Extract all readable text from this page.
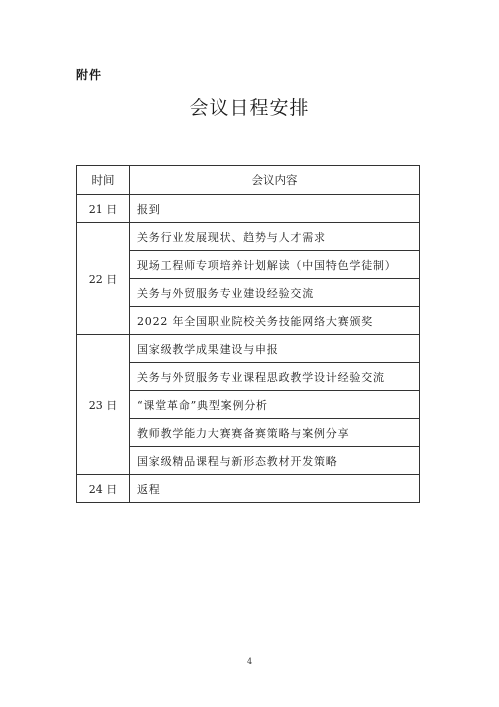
附件
会议日程安排
时间	会议内容
21 日	报到
22 日	关务行业发展现状、趋势与人才需求
	现场工程师专项培养计划解读（中国特色学徒制）
	关务与外贸服务专业建设经验交流
	2022 年全国职业院校关务技能网络大赛颁奖
23 日	国家级教学成果建设与申报
	关务与外贸服务专业课程思政教学设计经验交流
	“课堂革命”典型案例分析
	教师教学能力大赛赛备赛策略与案例分享
	国家级精品课程与新形态教材开发策略
24 日	返程
4
